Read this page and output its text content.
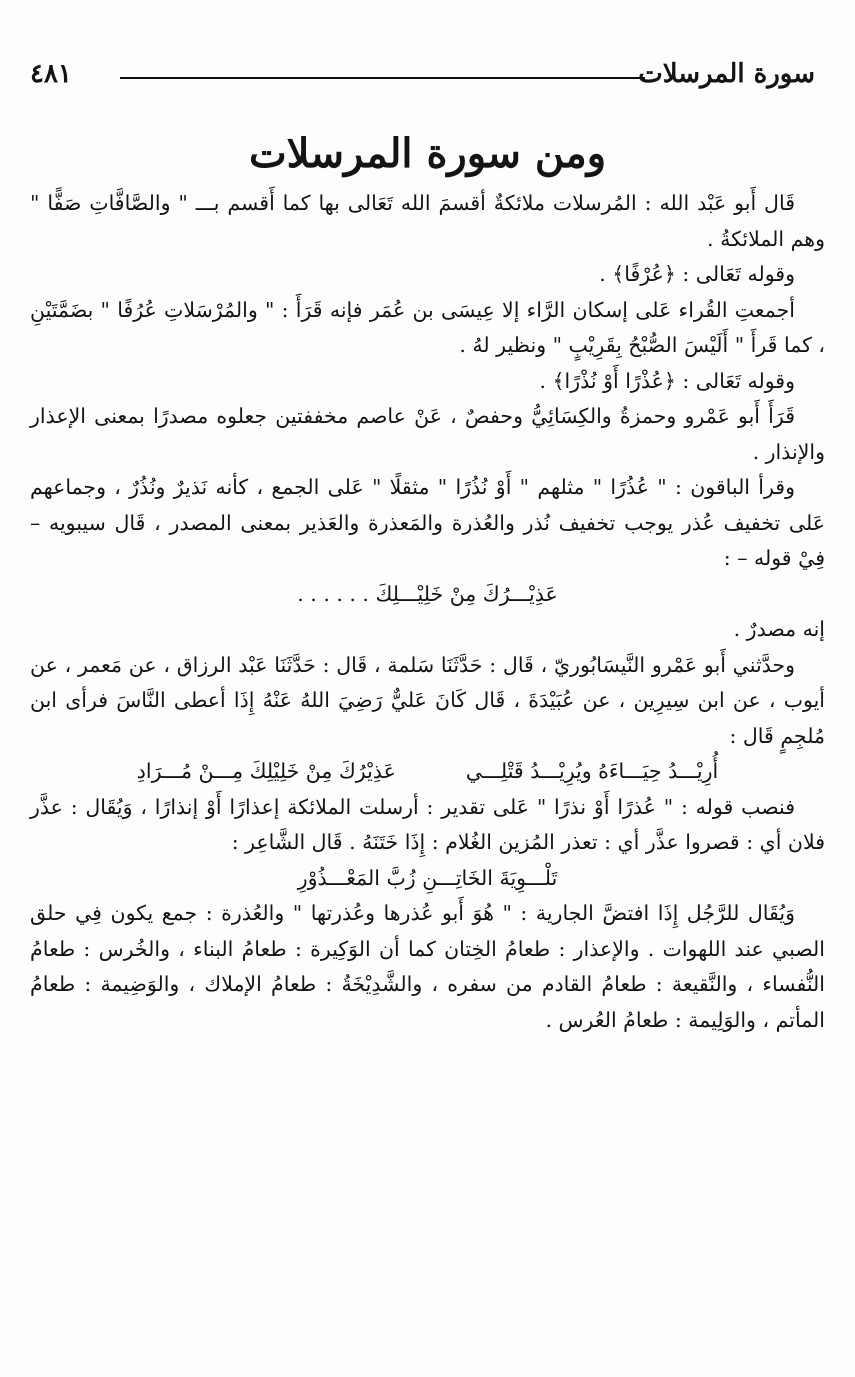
سورة المرسلات
٤٨١
ومن سورة المرسلات

قَال أَبو عَبْد الله : المُرسلات ملائكةٌ أقسمَ الله تَعَالى بها كما أَقسم بـــ " والصَّافَّاتِ صَفًّا " وهم الملائكةُ .

وقوله تَعَالى : ﴿عُرْفًا﴾ .

أجمعتِ القُراء عَلى إسكان الرَّاء إلا عِيسَى بن عُمَر فإنه قَرَأَ : " والمُرْسَلاتِ عُرُفًا " بضَمَّتَيْنِ ، كما قَرأَ " أَلَيْسَ الصُّبْحُ بِقَرِيْبٍ " ونظير لهُ .

وقوله تَعَالى : ﴿عُذْرًا أَوْ نُذْرًا﴾ .

قَرَأَ أَبو عَمْرو وحمزةُ والكِسَائِيُّ وحفصٌ ، عَنْ عاصم مخففتين جعلوه مصدرًا بمعنى الإعذار والإنذار .

وقرأ الباقون : " عُذُرًا " مثلهم " أَوْ نُذُرًا " مثقلًا " عَلى الجمع ، كأنه نَذيرٌ ونُذُرٌ ، وجماعهم عَلى تخفيف عُذر يوجب تخفيف نُذر والعُذرة والمَعذرة والعَذير بمعنى المصدر ، قَال سيبويه – فِيْ قوله – :

عَذِيْـــرُكَ مِنْ خَلِيْـــلِكَ . . . . . .

إنه مصدرٌ .

وحدَّثني أَبو عَمْرو النَّيسَابُوريّ ، قَال : حَدَّثَنَا سَلمة ، قَال : حَدَّثَنَا عَبْد الرزاق ، عن مَعمر ، عن أيوب ، عن ابن سِيرِين ، عن عُبَيْدَةَ ، قَال كَانَ عَليٌّ رَضِيَ اللهُ عَنْهُ إِذَا أعطى النَّاسَ فرأى ابن مُلجِمٍ قَال :

أُرِيْـــدُ حِيَـــاءَهُ ويُرِيْـــدُ قَتْلِـــي
عَذِيْرُكَ مِنْ خَلِيْلِكَ مِـــنْ مُـــرَادِ

فنصب قوله : " عُذرًا أَوْ نذرًا " عَلى تقدير : أرسلت الملائكة إعذارًا أَوْ إنذارًا ، وَيُقَال : عذَّر فلان أي : قصروا عذَّر أي : تعذر المُزين الغُلام : إِذَا خَتَنَهُ . قَال الشَّاعِر :

تَلْـــوِيَةَ الخَاتِـــنِ زُبَّ المَعْـــذُوْرِ

وَيُقَال للرَّجُل إِذَا افتضَّ الجارية : " هُوَ أَبو عُذرها وعُذرتها " والعُذرة : جمع يكون فِي حلق الصبي عند اللهوات . والإعذار : طعامُ الخِتان كما أن الوَكِيرة : طعامُ البناء ، والخُرس : طعامُ النُّفساء ، والنَّقيعة : طعامُ القادم من سفره ، والشَّدِيْخَةُ : طعامُ الإملاك ، والوَضِيمة : طعامُ المأتم ، والوَلِيمة : طعامُ العُرس .
